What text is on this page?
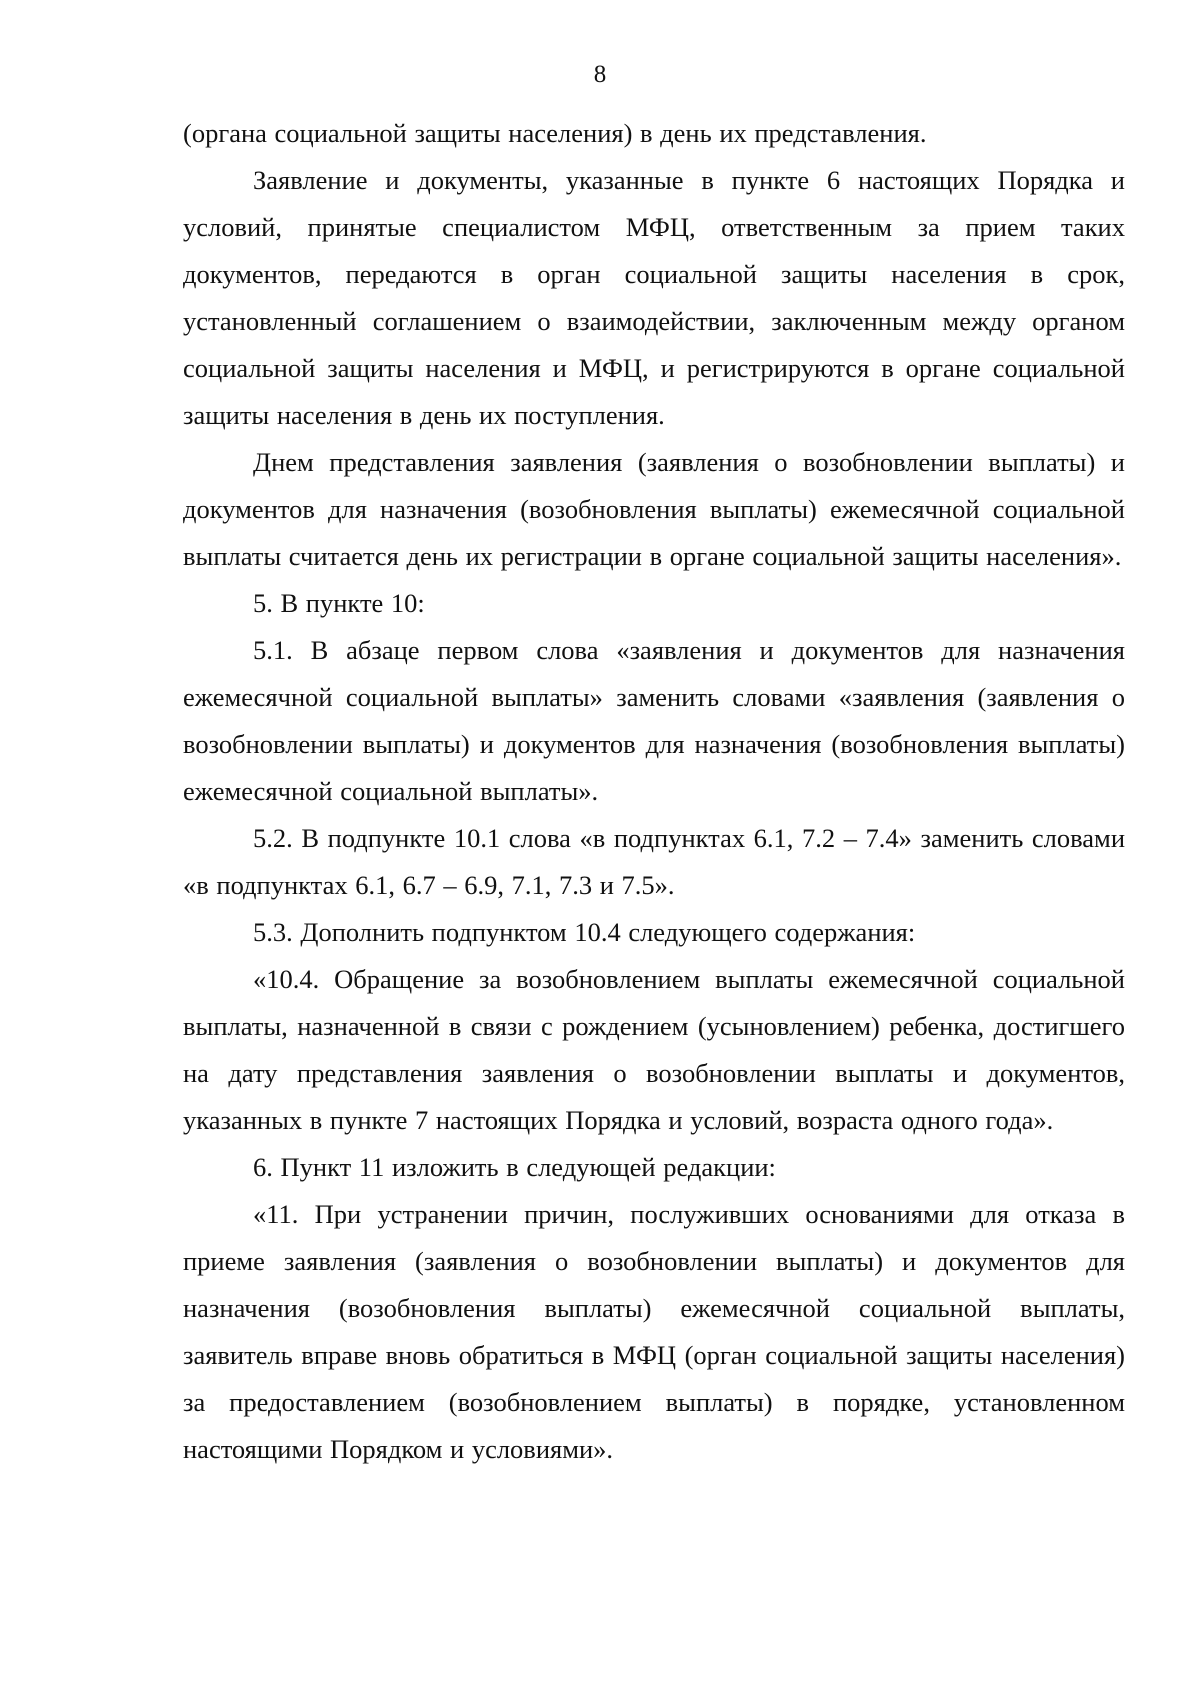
8

(органа социальной защиты населения) в день их представления.

Заявление и документы, указанные в пункте 6 настоящих Порядка и условий, принятые специалистом МФЦ, ответственным за прием таких документов, передаются в орган социальной защиты населения в срок, установленный соглашением о взаимодействии, заключенным между органом социальной защиты населения и МФЦ, и регистрируются в органе социальной защиты населения в день их поступления.

Днем представления заявления (заявления о возобновлении выплаты) и документов для назначения (возобновления выплаты) ежемесячной социальной выплаты считается день их регистрации в органе социальной защиты населения».

5. В пункте 10:

5.1. В абзаце первом слова «заявления и документов для назначения ежемесячной социальной выплаты» заменить словами «заявления (заявления о возобновлении выплаты) и документов для назначения (возобновления выплаты) ежемесячной социальной выплаты».

5.2. В подпункте 10.1 слова «в подпунктах 6.1, 7.2 – 7.4» заменить словами «в подпунктах 6.1, 6.7 – 6.9, 7.1, 7.3 и 7.5».

5.3. Дополнить подпунктом 10.4 следующего содержания:

«10.4. Обращение за возобновлением выплаты ежемесячной социальной выплаты, назначенной в связи с рождением (усыновлением) ребенка, достигшего на дату представления заявления о возобновлении выплаты и документов, указанных в пункте 7 настоящих Порядка и условий, возраста одного года».

6. Пункт 11 изложить в следующей редакции:

«11. При устранении причин, послуживших основаниями для отказа в приеме заявления (заявления о возобновлении выплаты) и документов для назначения (возобновления выплаты) ежемесячной социальной выплаты, заявитель вправе вновь обратиться в МФЦ (орган социальной защиты населения) за предоставлением (возобновлением выплаты) в порядке, установленном настоящими Порядком и условиями».
